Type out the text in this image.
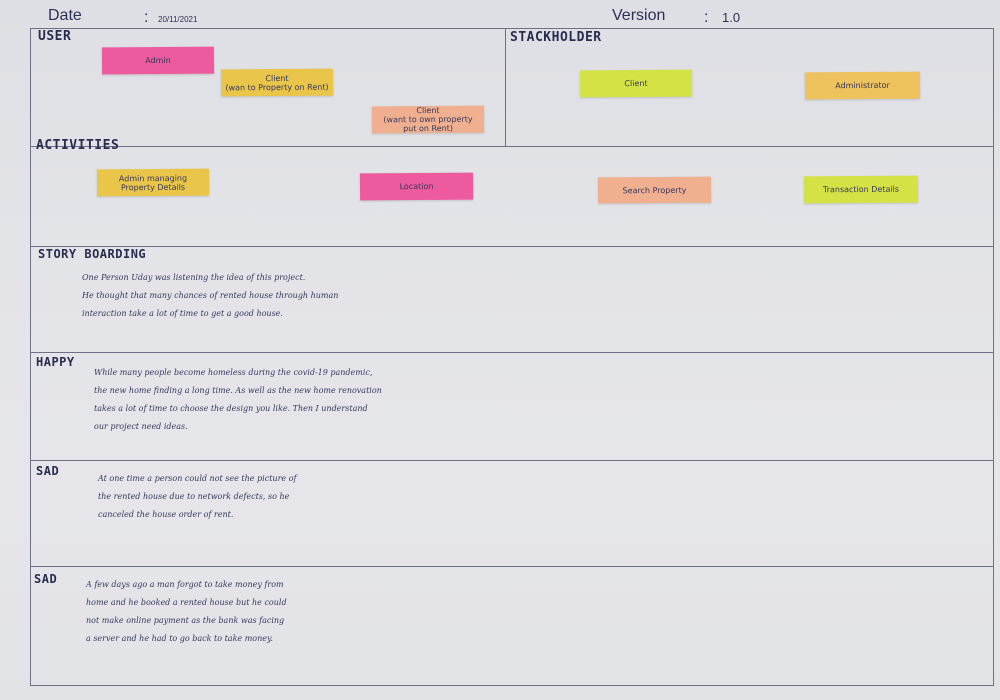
Date	: 20/11/2021	Version : 1.0
USER
Admin
Client
(wan to Property on Rent)
Client
(want to own property
put on Rent)
STACKHOLDER
Client	Administrator
ACTIVITIES
Admin managing
Property Details	Location	Search Property	Transaction Details
STORY BOARDING
One Person Uday was listening the idea of this project.
He thought that many chances of rented house through human
interaction take a lot of time to get a good house.
HAPPY
While many people become homeless during the covid-19 pandemic,
the new home finding a long time. As well as the new home renovation
takes a lot of time to choose the design you like. Then I understand
our project need ideas.
SAD
At one time a person could not see the picture of
the rented house due to network defects, so he
canceled the house order of rent.
SAD	A few days ago a man forgot to take money from
home and he booked a rented house but he could
not make online payment as the bank was facing
a server and he had to go back to take money.
